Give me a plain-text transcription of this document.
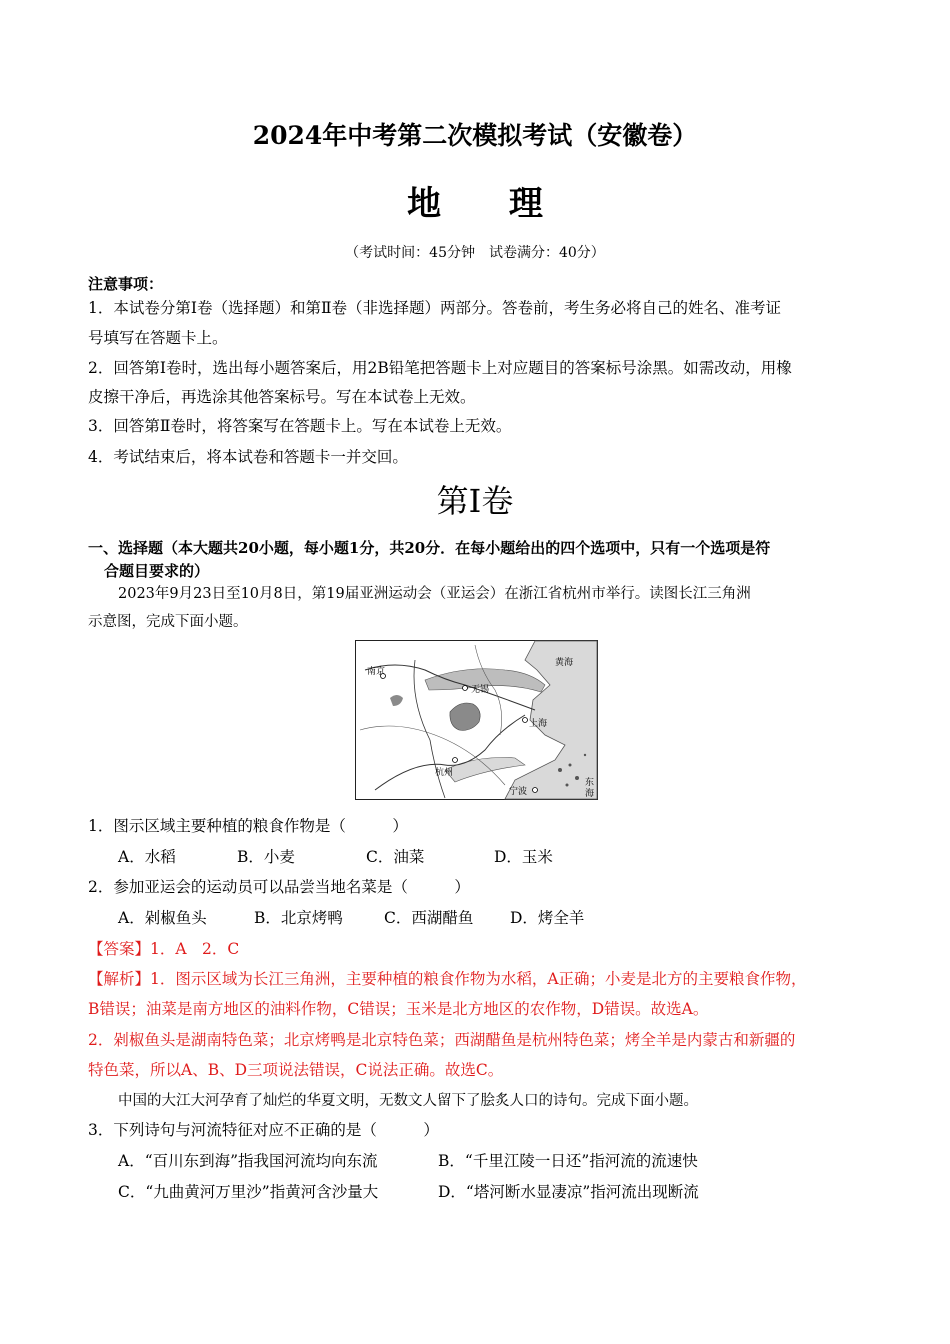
2024年中考第二次模拟考试（安徽卷）
地 理
（考试时间：45分钟　试卷满分：40分）
注意事项：
1．本试卷分第Ⅰ卷（选择题）和第Ⅱ卷（非选择题）两部分。答卷前，考生务必将自己的姓名、准考证
号填写在答题卡上。
2．回答第Ⅰ卷时，选出每小题答案后，用2B铅笔把答题卡上对应题目的答案标号涂黑。如需改动，用橡
皮擦干净后，再选涂其他答案标号。写在本试卷上无效。
3．回答第Ⅱ卷时，将答案写在答题卡上。写在本试卷上无效。
4．考试结束后，将本试卷和答题卡一并交回。
第Ⅰ卷
一、选择题（本大题共20小题，每小题1分，共20分．在每小题给出的四个选项中，只有一个选项是符
合题目要求的）
2023年9月23日至10月8日，第19届亚洲运动会（亚运会）在浙江省杭州市举行。读图长江三角洲
示意图，完成下面小题。
南京
无锡
上海
杭州
宁波
黄海
东
海
1．图示区域主要种植的粮食作物是（　　　）
A．水稻	B．小麦	C．油菜	D．玉米
2．参加亚运会的运动员可以品尝当地名菜是（　　　）
A．剁椒鱼头	B．北京烤鸭	C．西湖醋鱼 D．烤全羊
【答案】1．A　2．C
【解析】1．图示区域为长江三角洲，主要种植的粮食作物为水稻，A正确；小麦是北方的主要粮食作物，
B错误；油菜是南方地区的油料作物，C错误；玉米是北方地区的农作物，D错误。故选A。
2．剁椒鱼头是湖南特色菜；北京烤鸭是北京特色菜；西湖醋鱼是杭州特色菜；烤全羊是内蒙古和新疆的
特色菜，所以A、B、D三项说法错误，C说法正确。故选C。
中国的大江大河孕育了灿烂的华夏文明，无数文人留下了脍炙人口的诗句。完成下面小题。
3．下列诗句与河流特征对应不正确的是（　　　）
A．“百川东到海”指我国河流均向东流	B．“千里江陵一日还”指河流的流速快
C．“九曲黄河万里沙”指黄河含沙量大	D．“塔河断水显凄凉”指河流出现断流
